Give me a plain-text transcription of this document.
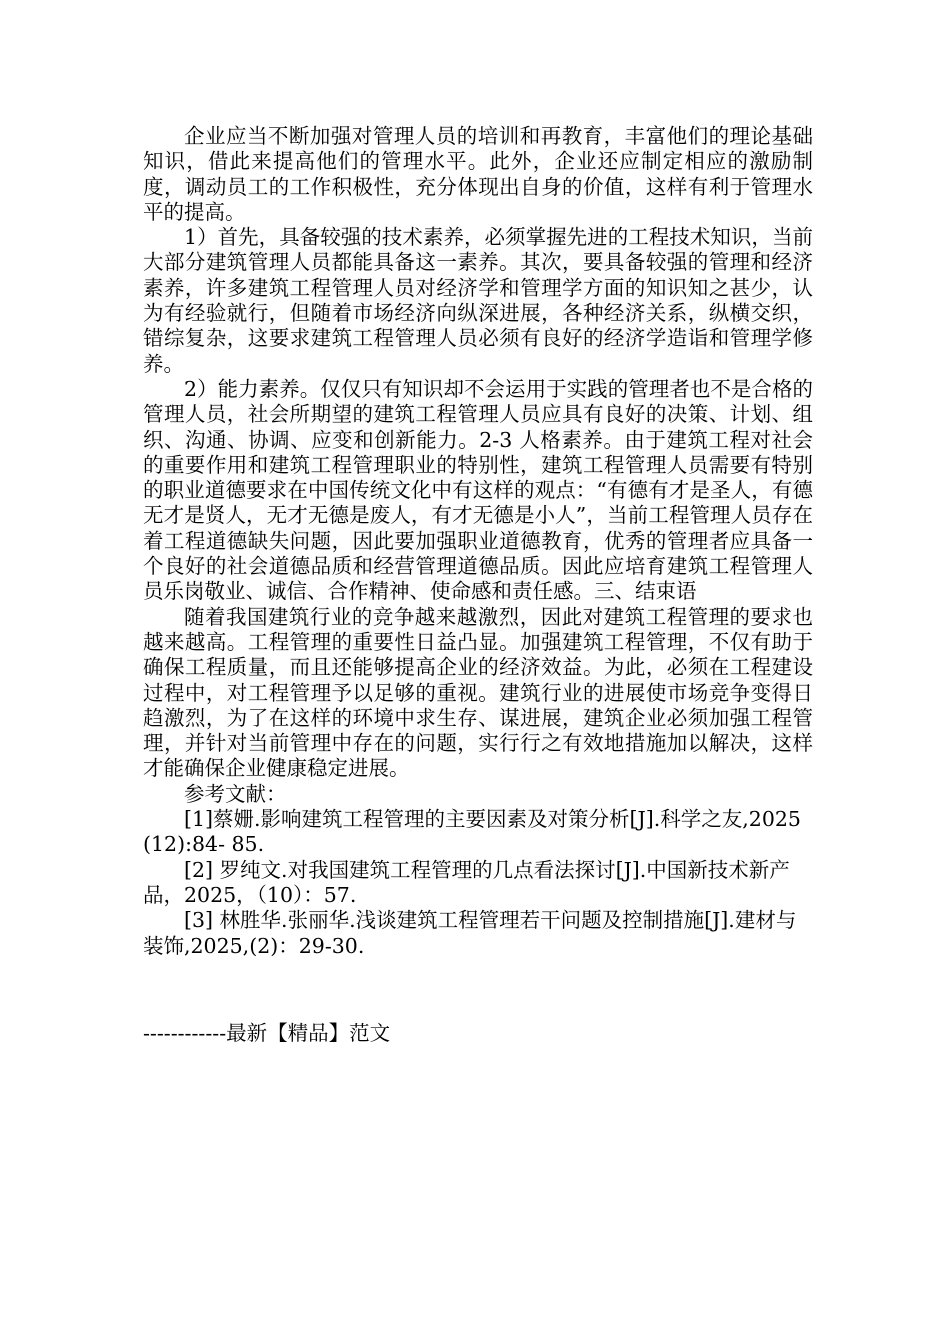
企业应当不断加强对管理人员的培训和再教育，丰富他们的理论基础知识，借此来提高他们的管理水平。此外，企业还应制定相应的激励制度，调动员工的工作积极性，充分体现出自身的价值，这样有利于管理水平的提高。

1）首先，具备较强的技术素养，必须掌握先进的工程技术知识，当前大部分建筑管理人员都能具备这一素养。其次，要具备较强的管理和经济素养，许多建筑工程管理人员对经济学和管理学方面的知识知之甚少，认为有经验就行，但随着市场经济向纵深进展，各种经济关系，纵横交织，错综复杂，这要求建筑工程管理人员必须有良好的经济学造诣和管理学修养。

2）能力素养。仅仅只有知识却不会运用于实践的管理者也不是合格的管理人员，社会所期望的建筑工程管理人员应具有良好的决策、计划、组织、沟通、协调、应变和创新能力。2-3 人格素养。由于建筑工程对社会的重要作用和建筑工程管理职业的特别性，建筑工程管理人员需要有特别的职业道德要求在中国传统文化中有这样的观点：“有德有才是圣人，有德无才是贤人，无才无德是废人，有才无德是小人”，当前工程管理人员存在着工程道德缺失问题，因此要加强职业道德教育，优秀的管理者应具备一个良好的社会道德品质和经营管理道德品质。因此应培育建筑工程管理人员乐岗敬业、诚信、合作精神、使命感和责任感。三、结束语

随着我国建筑行业的竞争越来越激烈，因此对建筑工程管理的要求也越来越高。工程管理的重要性日益凸显。加强建筑工程管理，不仅有助于确保工程质量，而且还能够提高企业的经济效益。为此，必须在工程建设过程中，对工程管理予以足够的重视。建筑行业的进展使市场竞争变得日趋激烈，为了在这样的环境中求生存、谋进展，建筑企业必须加强工程管理，并针对当前管理中存在的问题，实行行之有效地措施加以解决，这样才能确保企业健康稳定进展。

参考文献：

[1]蔡姗.影响建筑工程管理的主要因素及对策分析[J].科学之友,2025(12):84- 85.

[2] 罗纯文.对我国建筑工程管理的几点看法探讨[J].中国新技术新产品，2025，（10）：57.

[3] 林胜华.张丽华.浅谈建筑工程管理若干问题及控制措施[J].建材与装饰,2025,(2)：29-30.

------------最新【精品】范文
